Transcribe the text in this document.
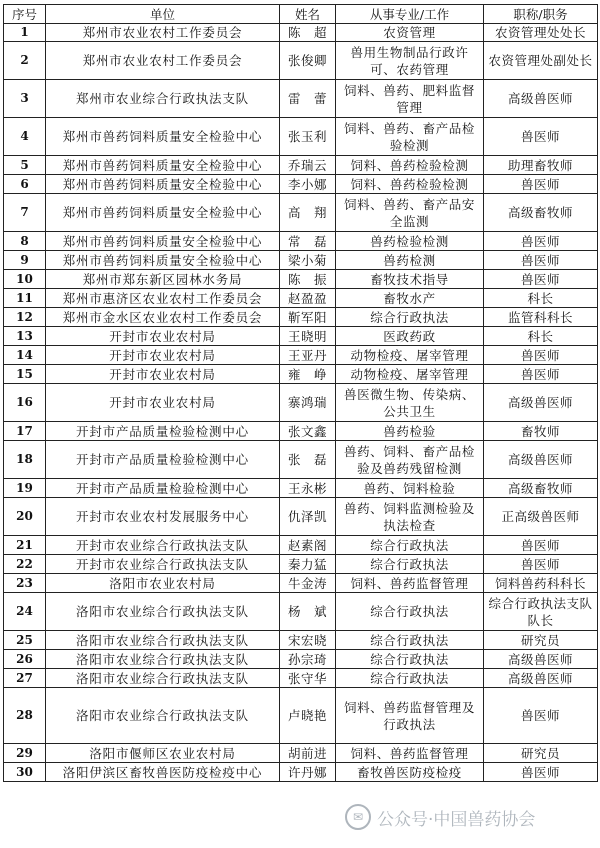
序号	单位	姓名	从事专业/工作	职称/职务
1	郑州市农业农村工作委员会	陈　超	农资管理	农资管理处处长
2	郑州市农业农村工作委员会	张俊卿	兽用生物制品行政许可、农药管理	农资管理处副处长
3	郑州市农业综合行政执法支队	雷　蕾	饲料、兽药、肥料监督管理	高级兽医师
4	郑州市兽药饲料质量安全检验中心	张玉利	饲料、兽药、畜产品检验检测	兽医师
5	郑州市兽药饲料质量安全检验中心	乔瑞云	饲料、兽药检验检测	助理畜牧师
6	郑州市兽药饲料质量安全检验中心	李小娜	饲料、兽药检验检测	兽医师
7	郑州市兽药饲料质量安全检验中心	高　翔	饲料、兽药、畜产品安全监测	高级畜牧师
8	郑州市兽药饲料质量安全检验中心	常　磊	兽药检验检测	兽医师
9	郑州市兽药饲料质量安全检验中心	梁小菊	兽药检测	兽医师
10	郑州市郑东新区园林水务局	陈　振	畜牧技术指导	兽医师
11	郑州市惠济区农业农村工作委员会	赵盈盈	畜牧水产	科长
12	郑州市金水区农业农村工作委员会	靳军阳	综合行政执法	监管科科长
13	开封市农业农村局	王晓明	医政药政	科长
14	开封市农业农村局	王亚丹	动物检疫、屠宰管理	兽医师
15	开封市农业农村局	雍　峥	动物检疫、屠宰管理	兽医师
16	开封市农业农村局	寨鸿瑞	兽医微生物、传染病、公共卫生	高级兽医师
17	开封市产品质量检验检测中心	张文鑫	兽药检验	畜牧师
18	开封市产品质量检验检测中心	张　磊	兽药、饲料、畜产品检验及兽药残留检测	高级兽医师
19	开封市产品质量检验检测中心	王永彬	兽药、饲料检验	高级畜牧师
20	开封市农业农村发展服务中心	仇泽凯	兽药、饲料监测检验及执法检查	正高级兽医师
21	开封市农业综合行政执法支队	赵素阁	综合行政执法	兽医师
22	开封市农业综合行政执法支队	秦力猛	综合行政执法	兽医师
23	洛阳市农业农村局	牛金涛	饲料、兽药监督管理	饲料兽药科科长
24	洛阳市农业综合行政执法支队	杨　斌	综合行政执法	综合行政执法支队队长
25	洛阳市农业综合行政执法支队	宋宏晓	综合行政执法	研究员
26	洛阳市农业综合行政执法支队	孙宗琦	综合行政执法	高级兽医师
27	洛阳市农业综合行政执法支队	张守华	综合行政执法	高级兽医师
28	洛阳市农业综合行政执法支队	卢晓艳	饲料、兽药监督管理及行政执法	兽医师
29	洛阳市偃师区农业农村局	胡前进	饲料、兽药监督管理	研究员
30	洛阳伊滨区畜牧兽医防疫检疫中心	许丹娜	畜牧兽医防疫检疫	兽医师
✉ 公众号·中国兽药协会
